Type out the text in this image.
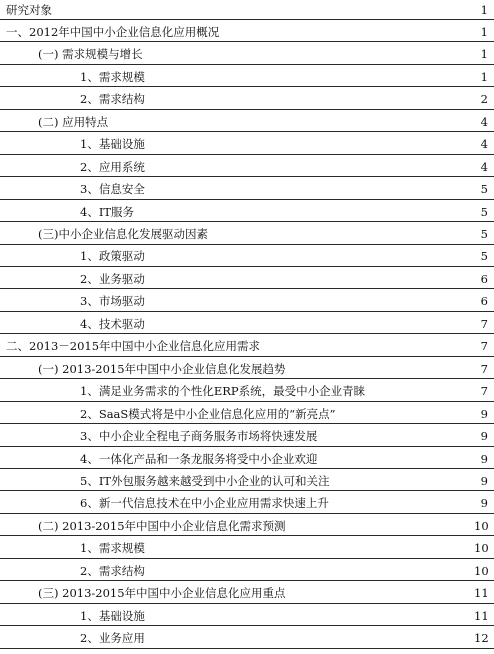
研究对象	1
一、2012年中国中小企业信息化应用概况	1
(一) 需求规模与增长	1
1、需求规模	1
2、需求结构	2
(二) 应用特点	4
1、基础设施	4
2、应用系统	4
3、信息安全	5
4、IT服务	5
(三)中小企业信息化发展驱动因素	5
1、政策驱动	5
2、业务驱动	6
3、市场驱动	6
4、技术驱动	7
二、2013－2015年中国中小企业信息化应用需求	7
(一) 2013-2015年中国中小企业信息化发展趋势	7
1、满足业务需求的个性化ERP系统，最受中小企业青睐	7
2、SaaS模式将是中小企业信息化应用的“新亮点”	9
3、中小企业全程电子商务服务市场将快速发展	9
4、一体化产品和一条龙服务将受中小企业欢迎	9
5、IT外包服务越来越受到中小企业的认可和关注	9
6、新一代信息技术在中小企业应用需求快速上升	9
(二) 2013-2015年中国中小企业信息化需求预测	10
1、需求规模	10
2、需求结构	10
(三) 2013-2015年中国中小企业信息化应用重点	11
1、基础设施	11
2、业务应用	12
